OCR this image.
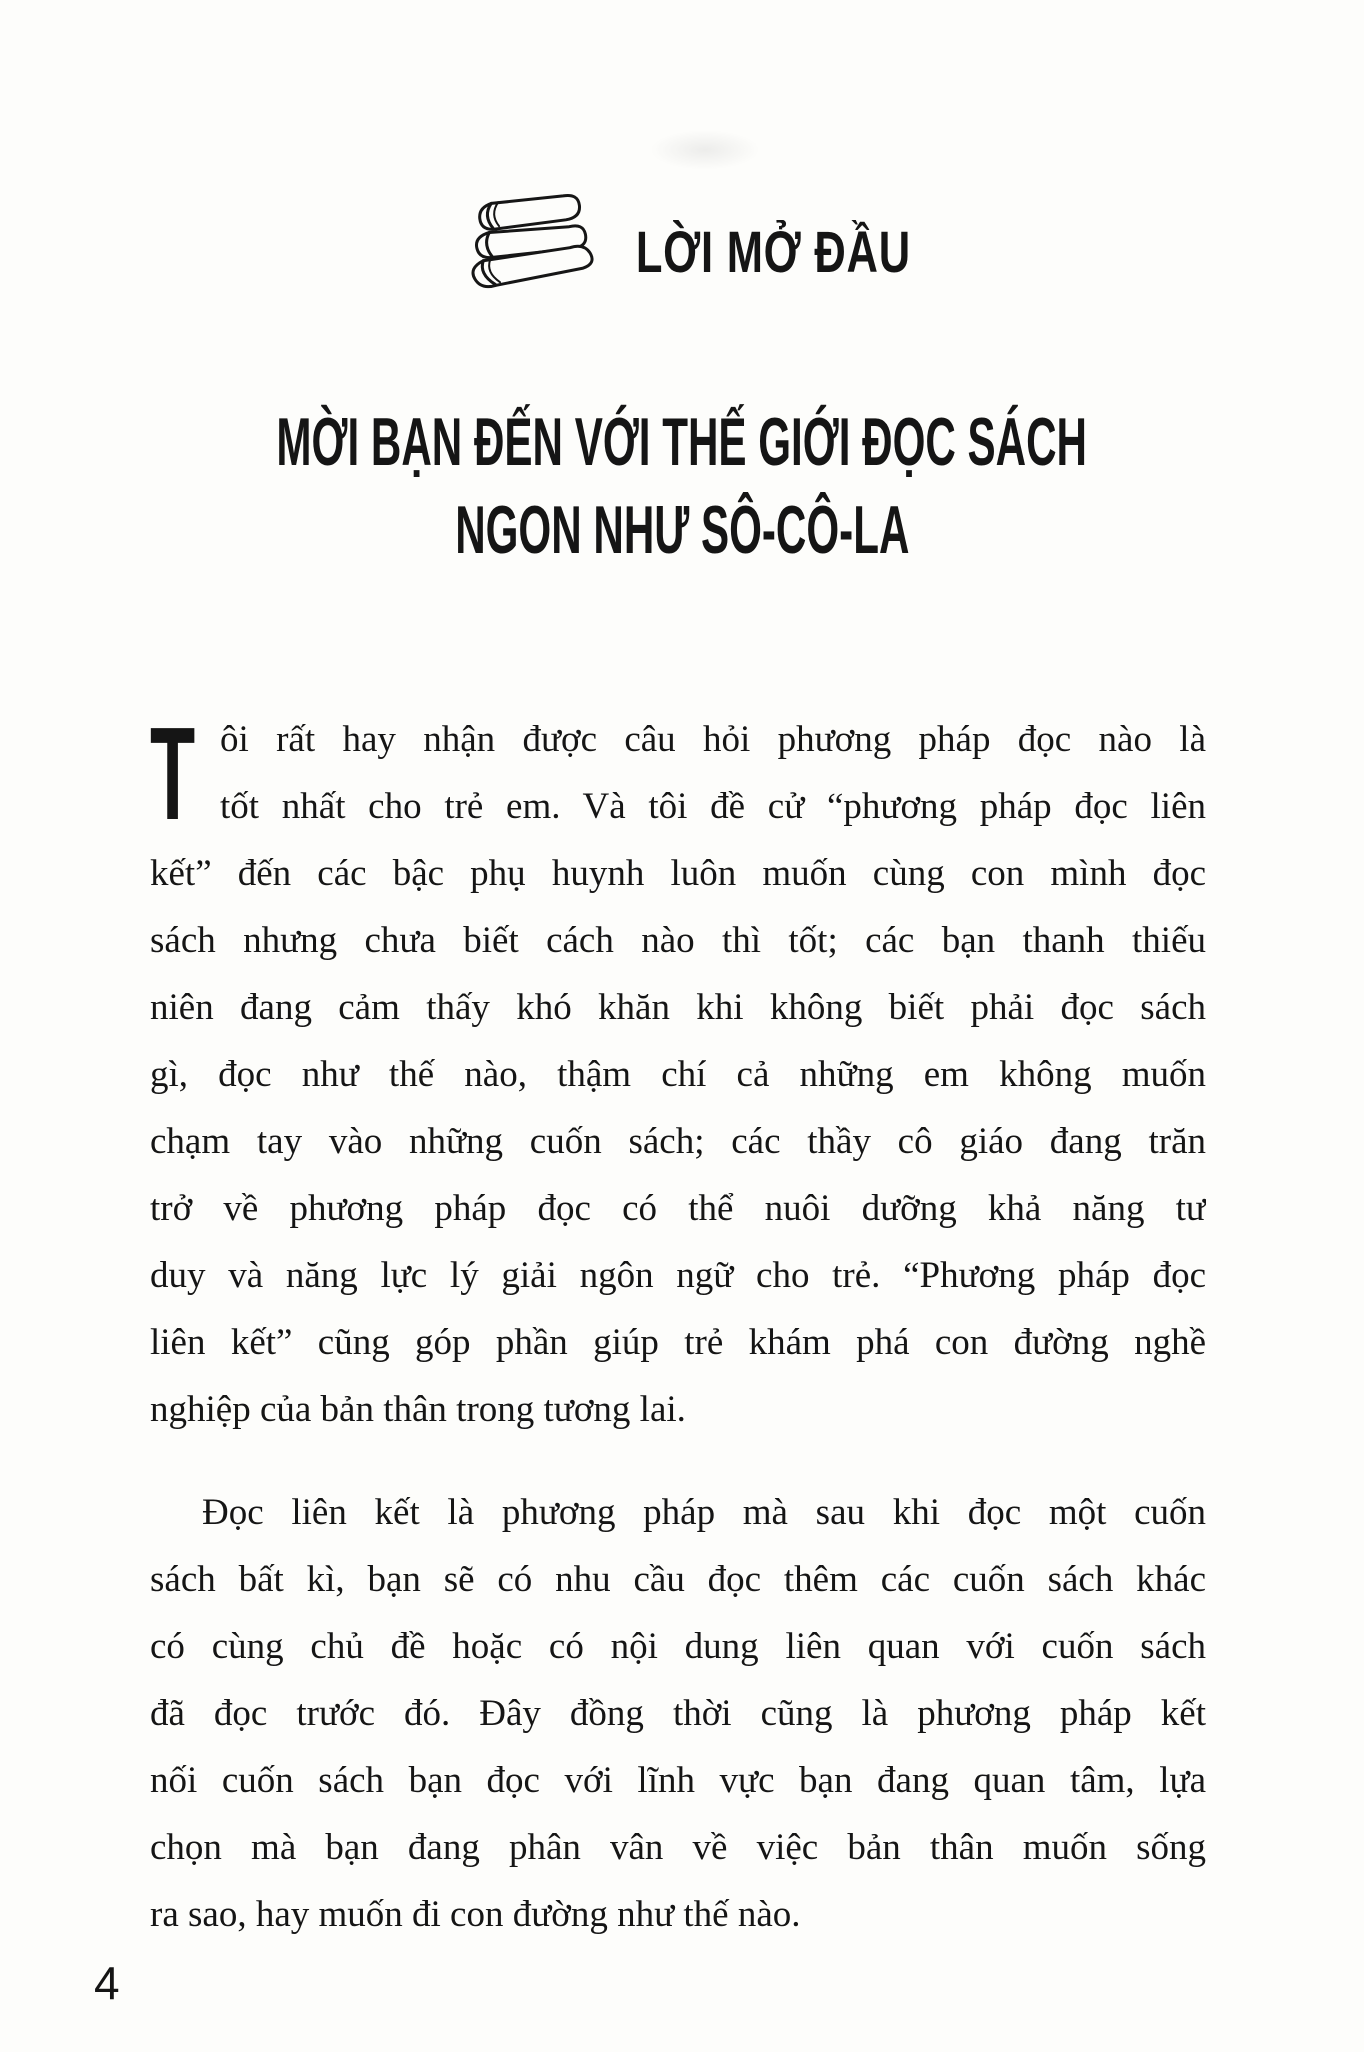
LỜI MỞ ĐẦU
MỜI BẠN ĐẾN VỚI THẾ GIỚI ĐỌC SÁCH
NGON NHƯ SÔ-CÔ-LA
T ôi rất hay nhận được câu hỏi phương pháp đọc nào là
tốt nhất cho trẻ em. Và tôi đề cử “phương pháp đọc liên
kết” đến các bậc phụ huynh luôn muốn cùng con mình đọc
sách nhưng chưa biết cách nào thì tốt; các bạn thanh thiếu
niên đang cảm thấy khó khăn khi không biết phải đọc sách
gì, đọc như thế nào, thậm chí cả những em không muốn
chạm tay vào những cuốn sách; các thầy cô giáo đang trăn
trở về phương pháp đọc có thể nuôi dưỡng khả năng tư
duy và năng lực lý giải ngôn ngữ cho trẻ. “Phương pháp đọc
liên kết” cũng góp phần giúp trẻ khám phá con đường nghề
nghiệp của bản thân trong tương lai.
Đọc liên kết là phương pháp mà sau khi đọc một cuốn
sách bất kì, bạn sẽ có nhu cầu đọc thêm các cuốn sách khác
có cùng chủ đề hoặc có nội dung liên quan với cuốn sách
đã đọc trước đó. Đây đồng thời cũng là phương pháp kết
nối cuốn sách bạn đọc với lĩnh vực bạn đang quan tâm, lựa
chọn mà bạn đang phân vân về việc bản thân muốn sống
ra sao, hay muốn đi con đường như thế nào.
4
